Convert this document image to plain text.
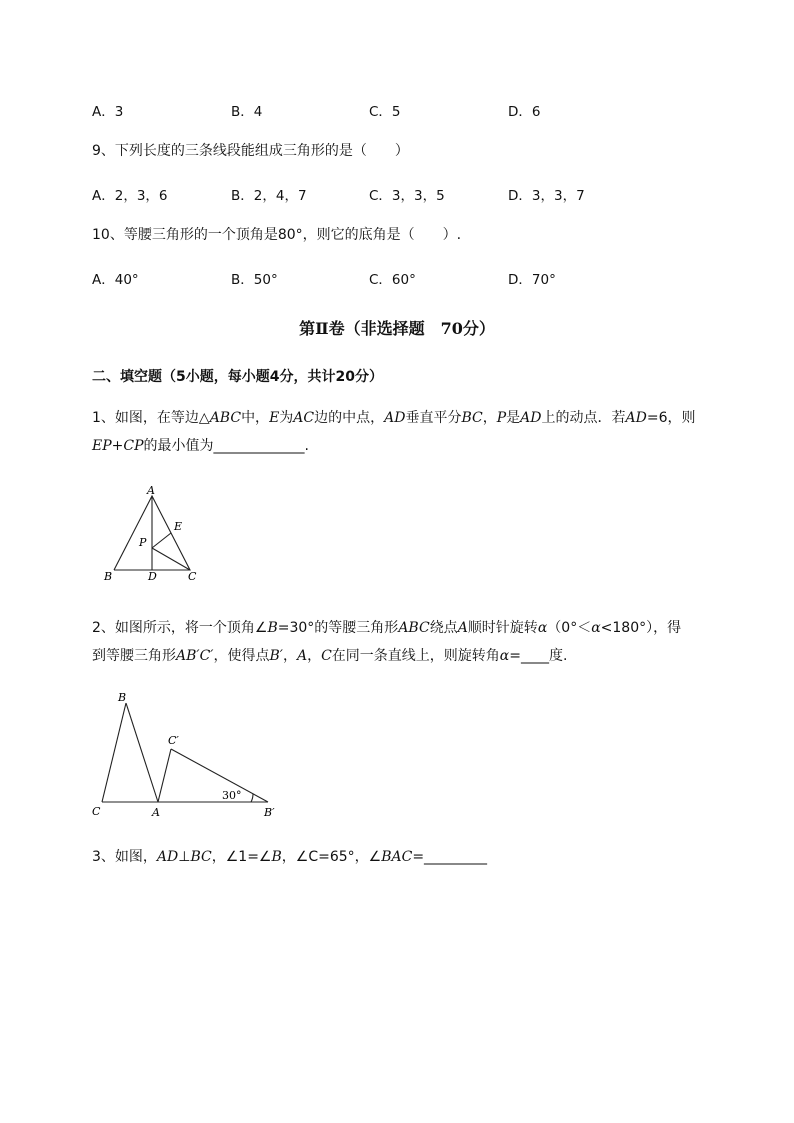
A．3	B．4	C．5	D．6
9、下列长度的三条线段能组成三角形的是（　　）
A．2，3，6	B．2，4，7	C．3，3，5	D．3，3，7
10、等腰三角形的一个顶角是80°，则它的底角是（　　）.
A．40°	B．50°	C．60°	D．70°
第Ⅱ卷（非选择题　70分）
二、填空题（5小题，每小题4分，共计20分）
1、如图，在等边△ABC中，E为AC边的中点，AD垂直平分BC，P是AD上的动点．若AD=6，则
EP+CP的最小值为_____________.
A
B	D	C
E
P
2、如图所示，将一个顶角∠B=30°的等腰三角形ABC绕点A顺时针旋转α（0°＜α<180°），得
到等腰三角形AB′C′，使得点B′，A，C在同一条直线上，则旋转角α=____度.
B
C′
30°
C	A	B′
3、如图，AD⊥BC，∠1=∠B，∠C=65°，∠BAC=_________
